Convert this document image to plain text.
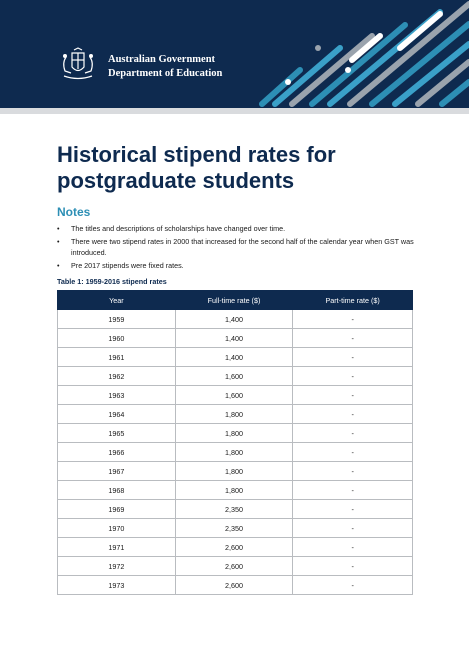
Australian Government
Department of Education
Historical stipend rates for postgraduate students
Notes
• The titles and descriptions of scholarships have changed over time.
• There were two stipend rates in 2000 that increased for the second half of the calendar year when GST was introduced.
• Pre 2017 stipends were fixed rates.
Table 1: 1959-2016 stipend rates
Year	Full-time rate ($)	Part-time rate ($)
1959	1,400	-
1960	1,400	-
1961	1,400	-
1962	1,600	-
1963	1,600	-
1964	1,800	-
1965	1,800	-
1966	1,800	-
1967	1,800	-
1968	1,800	-
1969	2,350	-
1970	2,350	-
1971	2,600	-
1972	2,600	-
1973	2,600	-
